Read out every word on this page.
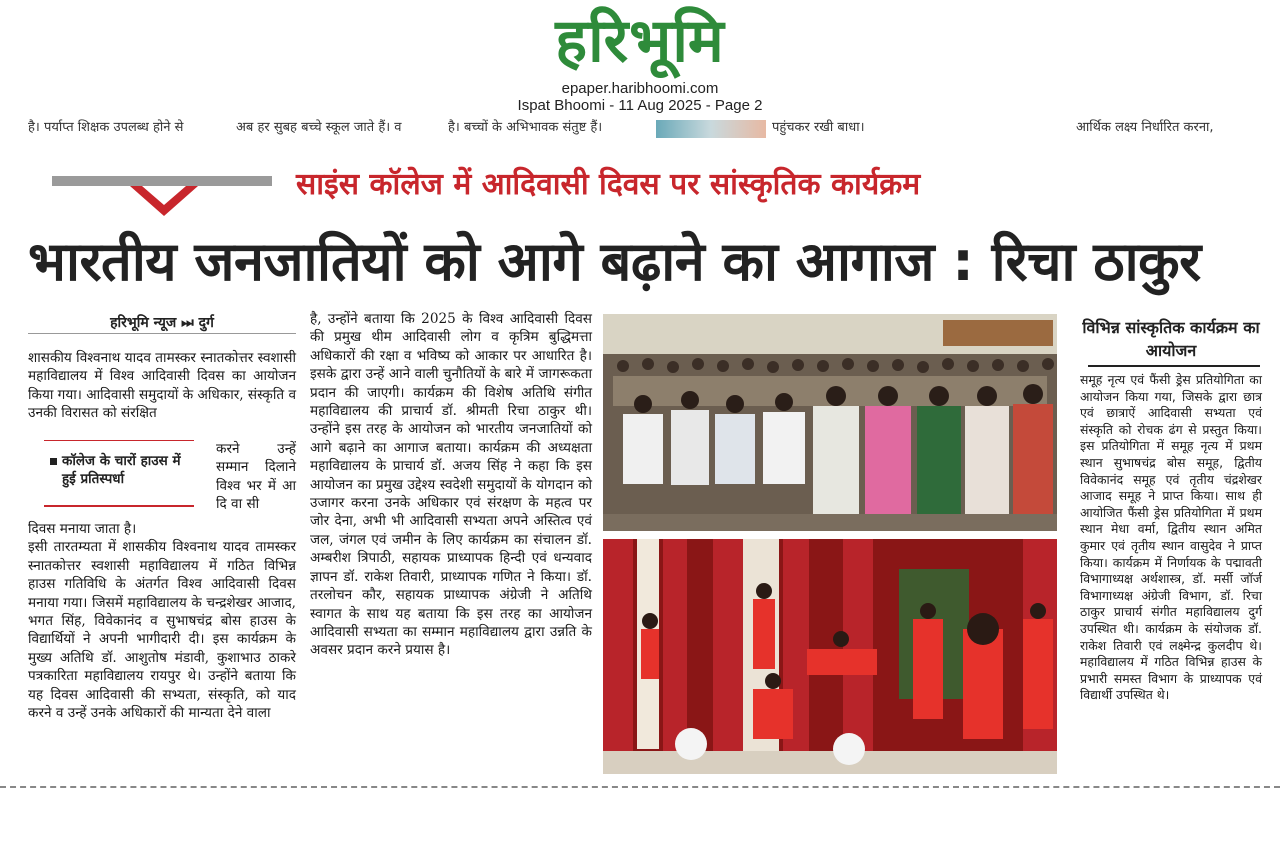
हरिभूमि
epaper.haribhoomi.com
Ispat Bhoomi - 11 Aug 2025 - Page 2
है। पर्याप्त शिक्षक उपलब्ध होने से	अब हर सुबह बच्चे स्कूल जाते हैं। व	है। बच्चों के अभिभावक संतुष्ट हैं।	पहुंचकर रखी बाधा।	आर्थिक लक्ष्य निर्धारित करना,
साइंस कॉलेज में आदिवासी दिवस पर सांस्कृतिक कार्यक्रम
भारतीय जनजातियों को आगे बढ़ाने का आगाज : रिचा ठाकुर
हरिभूमि न्यूज ⏭ दुर्ग
शासकीय विश्वनाथ यादव तामस्कर स्नातकोत्तर स्वशासी महाविद्यालय में विश्व आदिवासी दिवस का आयोजन किया गया। आदिवासी समुदायों के अधिकार, संस्कृति व उनकी विरासत को संरक्षित
कॉलेज के चारों हाउस में हुई प्रतिस्पर्धा
करने उन्हें सम्मान दिलाने विश्व भर में आ दि वा सी
दिवस मनाया जाता है।
इसी तारतम्यता में शासकीय विश्वनाथ यादव तामस्कर स्नातकोत्तर स्वशासी महाविद्यालय में गठित विभिन्न हाउस गतिविधि के अंतर्गत विश्व आदिवासी दिवस मनाया गया। जिसमें महाविद्यालय के चन्द्रशेखर आजाद, भगत सिंह, विवेकानंद व सुभाषचंद्र बोस हाउस के विद्यार्थियों ने अपनी भागीदारी दी। इस कार्यक्रम के मुख्य अतिथि डॉ. आशुतोष मंडावी, कुशाभाउ ठाकरे पत्रकारिता महाविद्यालय रायपुर थे। उन्होंने बताया कि यह दिवस आदिवासी की सभ्यता, संस्कृति, को याद करने व उन्हें उनके अधिकारों की मान्यता देने वाला
है, उन्होंने बताया कि 2025 के विश्व आदिवासी दिवस की प्रमुख थीम आदिवासी लोग व कृत्रिम बुद्धिमत्ता अधिकारों की रक्षा व भविष्य को आकार पर आधारित है। इसके द्वारा उन्हें आने वाली चुनौतियों के बारे में जागरूकता प्रदान की जाएगी। कार्यक्रम की विशेष अतिथि संगीत महाविद्यालय की प्राचार्य डॉ. श्रीमती रिचा ठाकुर थी। उन्होंने इस तरह के आयोजन को भारतीय जनजातियों को आगे बढ़ाने का आगाज बताया। कार्यक्रम की अध्यक्षता महाविद्यालय के प्राचार्य डॉ. अजय सिंह ने कहा कि इस आयोजन का प्रमुख उद्देश्य स्वदेशी समुदायों के योगदान को उजागर करना उनके अधिकार एवं संरक्षण के महत्व पर जोर देना, अभी भी आदिवासी सभ्यता अपने अस्तित्व एवं जल, जंगल एवं जमीन के लिए कार्यक्रम का संचालन डॉ. अम्बरीश त्रिपाठी, सहायक प्राध्यापक हिन्दी एवं धन्यवाद ज्ञापन डॉ. राकेश तिवारी, प्राध्यापक गणित ने किया। डॉ. तरलोचन कौर, सहायक प्राध्यापक अंग्रेजी ने अतिथि स्वागत के साथ यह बताया कि इस तरह का आयोजन आदिवासी सभ्यता का सम्मान महाविद्यालय द्वारा उन्नति के अवसर प्रदान करने प्रयास है।
विभिन्न सांस्कृतिक कार्यक्रम का आयोजन
समूह नृत्य एवं फैंसी ड्रेस प्रतियोगिता का आयोजन किया गया, जिसके द्वारा छात्र एवं छात्राऐं आदिवासी सभ्यता एवं संस्कृति को रोचक ढंग से प्रस्तुत किया। इस प्रतियोगिता में समूह नृत्य में प्रथम स्थान सुभाषचंद्र बोस समूह, द्वितीय विवेकानंद समूह एवं तृतीय चंद्रशेखर आजाद समूह ने प्राप्त किया। साथ ही आयोजित फैंसी ड्रेस प्रतियोगिता में प्रथम स्थान मेधा वर्मा, द्वितीय स्थान अमित कुमार एवं तृतीय स्थान वासुदेव ने प्राप्त किया। कार्यक्रम में निर्णायक के पद्मावती विभागाध्यक्ष अर्थशास्त्र, डॉ. मर्सी जॉर्ज विभागाध्यक्ष अंग्रेजी विभाग, डॉ. रिचा ठाकुर प्राचार्य संगीत महाविद्यालय दुर्ग उपस्थित थी। कार्यक्रम के संयोजक डॉ. राकेश तिवारी एवं लक्ष्मेन्द्र कुलदीप थे। महाविद्यालय में गठित विभिन्न हाउस के प्रभारी समस्त विभाग के प्राध्यापक एवं विद्यार्थी उपस्थित थे।
